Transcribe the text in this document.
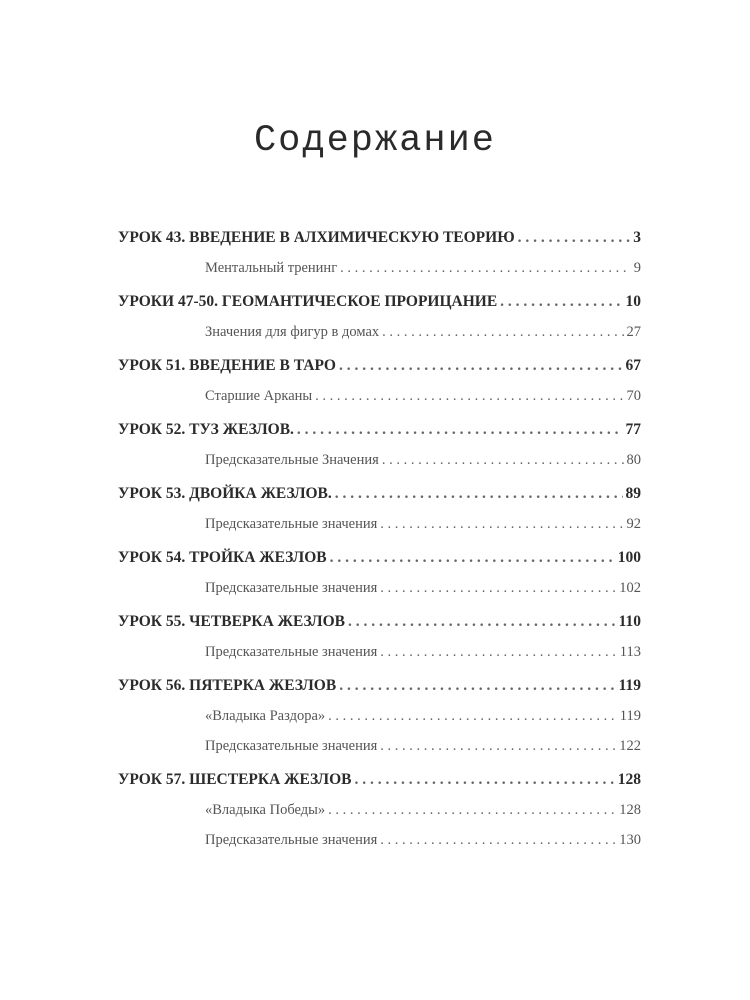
Содержание
УРОК 43. ВВЕДЕНИЕ В АЛХИМИЧЕСКУЮ ТЕОРИЮ . . .	3
Ментальный тренинг . . .	9
УРОКИ 47-50. ГЕОМАНТИЧЕСКОЕ ПРОРИЦАНИЕ . . .	10
Значения для фигур в домах . . .	27
УРОК 51. ВВЕДЕНИЕ В ТАРО . . .	67
Старшие Арканы . . .	70
УРОК 52. ТУЗ ЖЕЗЛОВ. . . .	77
Предсказательные Значения . . .	80
УРОК 53. ДВОЙКА ЖЕЗЛОВ. . . .	89
Предсказательные значения . . .	92
УРОК 54. ТРОЙКА ЖЕЗЛОВ . . .	100
Предсказательные значения . . .	102
УРОК 55. ЧЕТВЕРКА ЖЕЗЛОВ . . .	110
Предсказательные значения . . .	113
УРОК 56. ПЯТЕРКА ЖЕЗЛОВ . . .	119
«Владыка Раздора» . . .	119
Предсказательные значения . . .	122
УРОК 57. ШЕСТЕРКА ЖЕЗЛОВ . . .	128
«Владыка Победы» . . .	128
Предсказательные значения . . .	130
